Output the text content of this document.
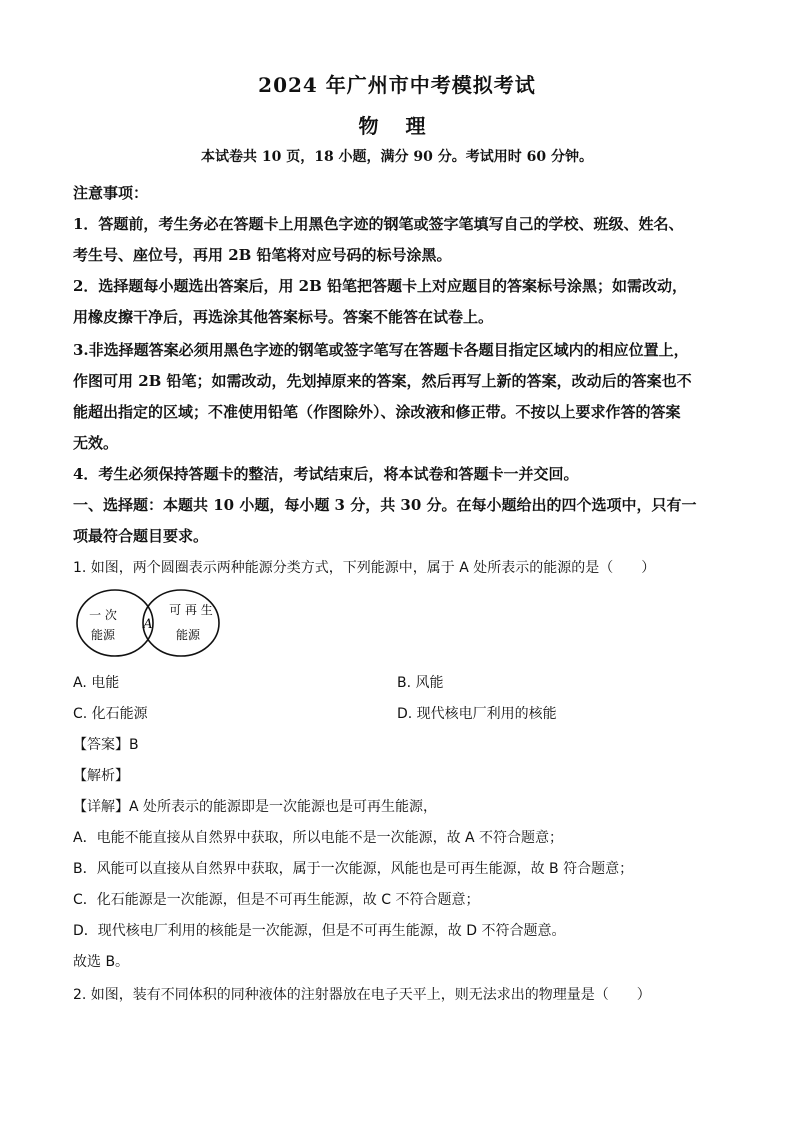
2024 年广州市中考模拟考试
物 理
本试卷共 10 页，18 小题，满分 90 分。考试用时 60 分钟。
注意事项：
1．答题前，考生务必在答题卡上用黑色字迹的钢笔或签字笔填写自己的学校、班级、姓名、
考生号、座位号，再用 2B 铅笔将对应号码的标号涂黑。
2．选择题每小题选出答案后，用 2B 铅笔把答题卡上对应题目的答案标号涂黑；如需改动，
用橡皮擦干净后，再选涂其他答案标号。答案不能答在试卷上。
3.非选择题答案必须用黑色字迹的钢笔或签字笔写在答题卡各题目指定区域内的相应位置上，
作图可用 2B 铅笔；如需改动，先划掉原来的答案，然后再写上新的答案，改动后的答案也不
能超出指定的区域；不准使用铅笔（作图除外）、涂改液和修正带。不按以上要求作答的答案
无效。
4．考生必须保持答题卡的整洁，考试结束后，将本试卷和答题卡一并交回。
一、选择题：本题共 10 小题，每小题 3 分，共 30 分。在每小题给出的四个选项中，只有一
项最符合题目要求。
1. 如图，两个圆圈表示两种能源分类方式，下列能源中，属于 A 处所表示的能源的是（　　）
一 次
能源
A
可 再 生
能源
A. 电能	B. 风能
C. 化石能源	D. 现代核电厂利用的核能
【答案】B
【解析】
【详解】A 处所表示的能源即是一次能源也是可再生能源，
A．电能不能直接从自然界中获取，所以电能不是一次能源，故 A 不符合题意；
B．风能可以直接从自然界中获取，属于一次能源，风能也是可再生能源，故 B 符合题意；
C．化石能源是一次能源，但是不可再生能源，故 C 不符合题意；
D．现代核电厂利用的核能是一次能源，但是不可再生能源，故 D 不符合题意。
故选 B。
2. 如图，装有不同体积的同种液体的注射器放在电子天平上，则无法求出的物理量是（　　）
